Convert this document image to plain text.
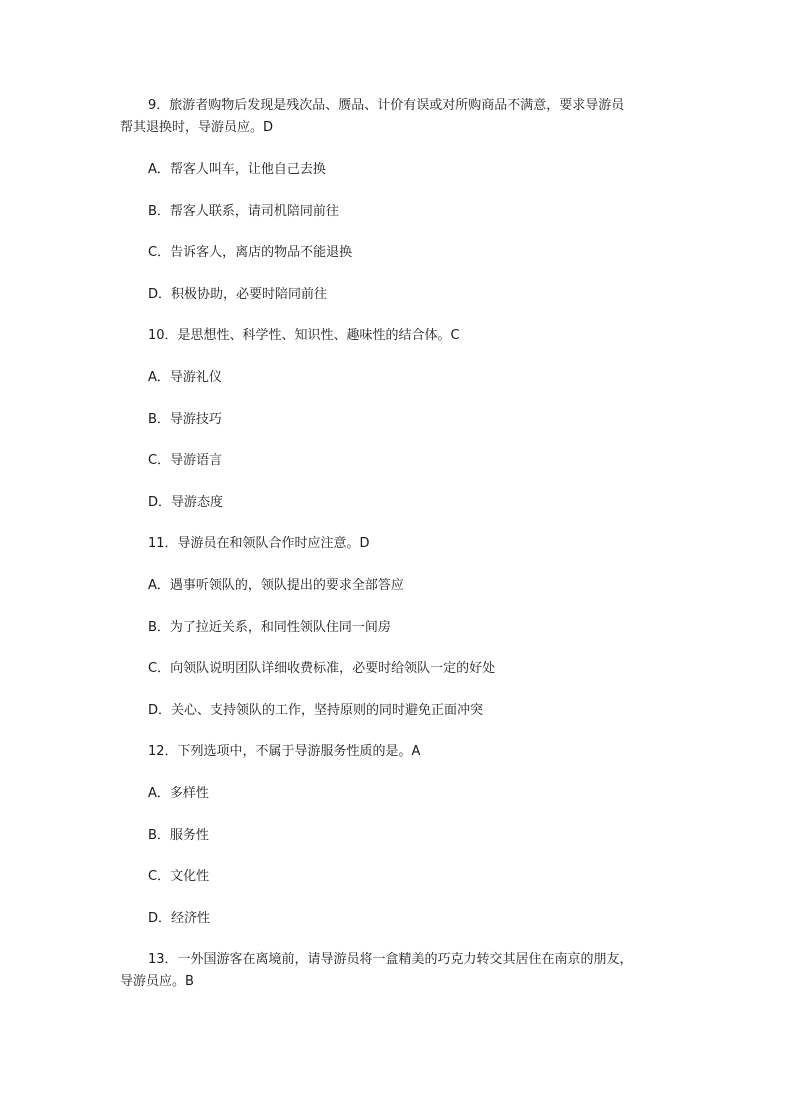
9．旅游者购物后发现是残次品、赝品、计价有误或对所购商品不满意，要求导游员
帮其退换时，导游员应。D
A．帮客人叫车，让他自己去换
B．帮客人联系，请司机陪同前往
C．告诉客人，离店的物品不能退换
D．积极协助，必要时陪同前往
10．是思想性、科学性、知识性、趣味性的结合体。C
A．导游礼仪
B．导游技巧
C．导游语言
D．导游态度
11．导游员在和领队合作时应注意。D
A．遇事听领队的，领队提出的要求全部答应
B．为了拉近关系，和同性领队住同一间房
C．向领队说明团队详细收费标准，必要时给领队一定的好处
D．关心、支持领队的工作，坚持原则的同时避免正面冲突
12．下列选项中，不属于导游服务性质的是。A
A．多样性
B．服务性
C．文化性
D．经济性
13．一外国游客在离境前，请导游员将一盒精美的巧克力转交其居住在南京的朋友，
导游员应。B
